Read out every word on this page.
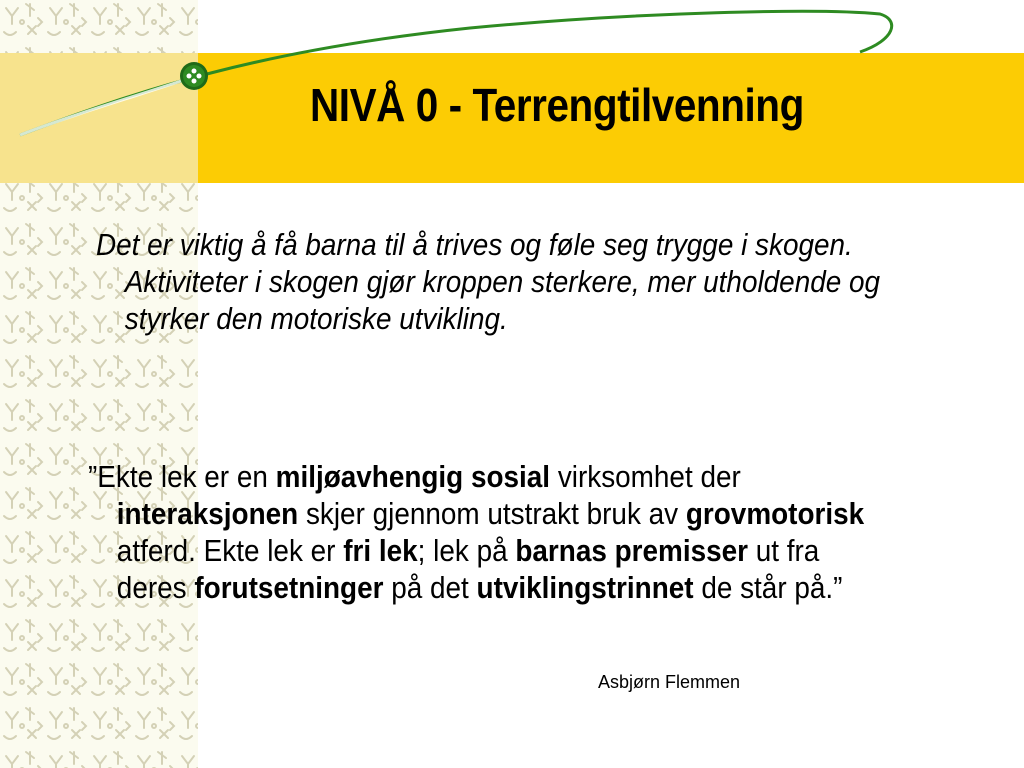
NIVÅ 0 - Terrengtilvenning

Det er viktig å få barna til å trives og føle seg trygge i skogen. Aktiviteter i skogen gjør kroppen sterkere, mer utholdende og styrker den motoriske utvikling.

”Ekte lek er en miljøavhengig sosial virksomhet der interaksjonen skjer gjennom utstrakt bruk av grovmotorisk atferd. Ekte lek er fri lek; lek på barnas premisser ut fra deres forutsetninger på det utviklingstrinnet de står på.”

Asbjørn Flemmen
